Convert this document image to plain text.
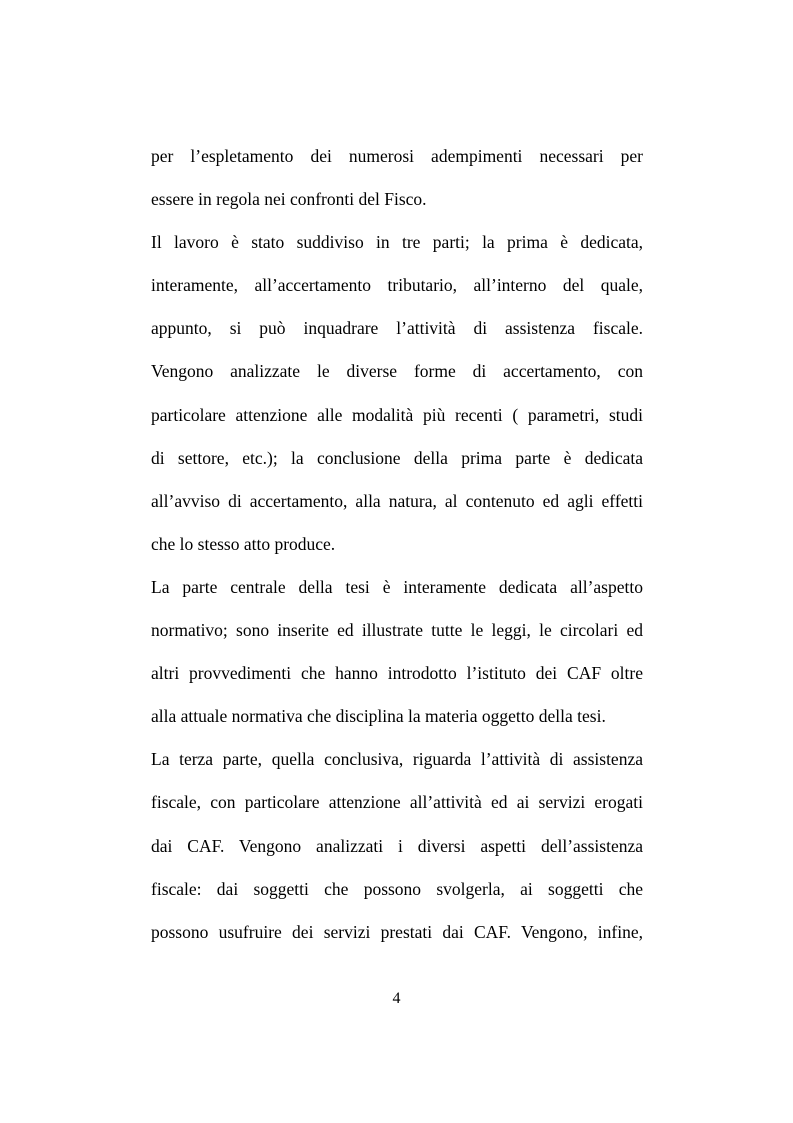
per l’espletamento dei numerosi adempimenti necessari per
essere in regola nei confronti del Fisco.
Il lavoro è stato suddiviso in tre parti; la prima è dedicata,
interamente, all’accertamento tributario, all’interno del quale,
appunto, si può inquadrare l’attività di assistenza fiscale.
Vengono analizzate le diverse forme di accertamento, con
particolare attenzione alle modalità più recenti ( parametri, studi
di settore, etc.); la conclusione della prima parte è dedicata
all’avviso di accertamento, alla natura, al contenuto ed agli effetti
che lo stesso atto produce.
La parte centrale della tesi è interamente dedicata all’aspetto
normativo; sono inserite ed illustrate tutte le leggi, le circolari ed
altri provvedimenti che hanno introdotto l’istituto dei CAF oltre
alla attuale normativa che disciplina la materia oggetto della tesi.
La terza parte, quella conclusiva, riguarda l’attività di assistenza
fiscale, con particolare attenzione all’attività ed ai servizi erogati
dai CAF. Vengono analizzati i diversi aspetti dell’assistenza
fiscale: dai soggetti che possono svolgerla, ai soggetti che
possono usufruire dei servizi prestati dai CAF. Vengono, infine,
4
